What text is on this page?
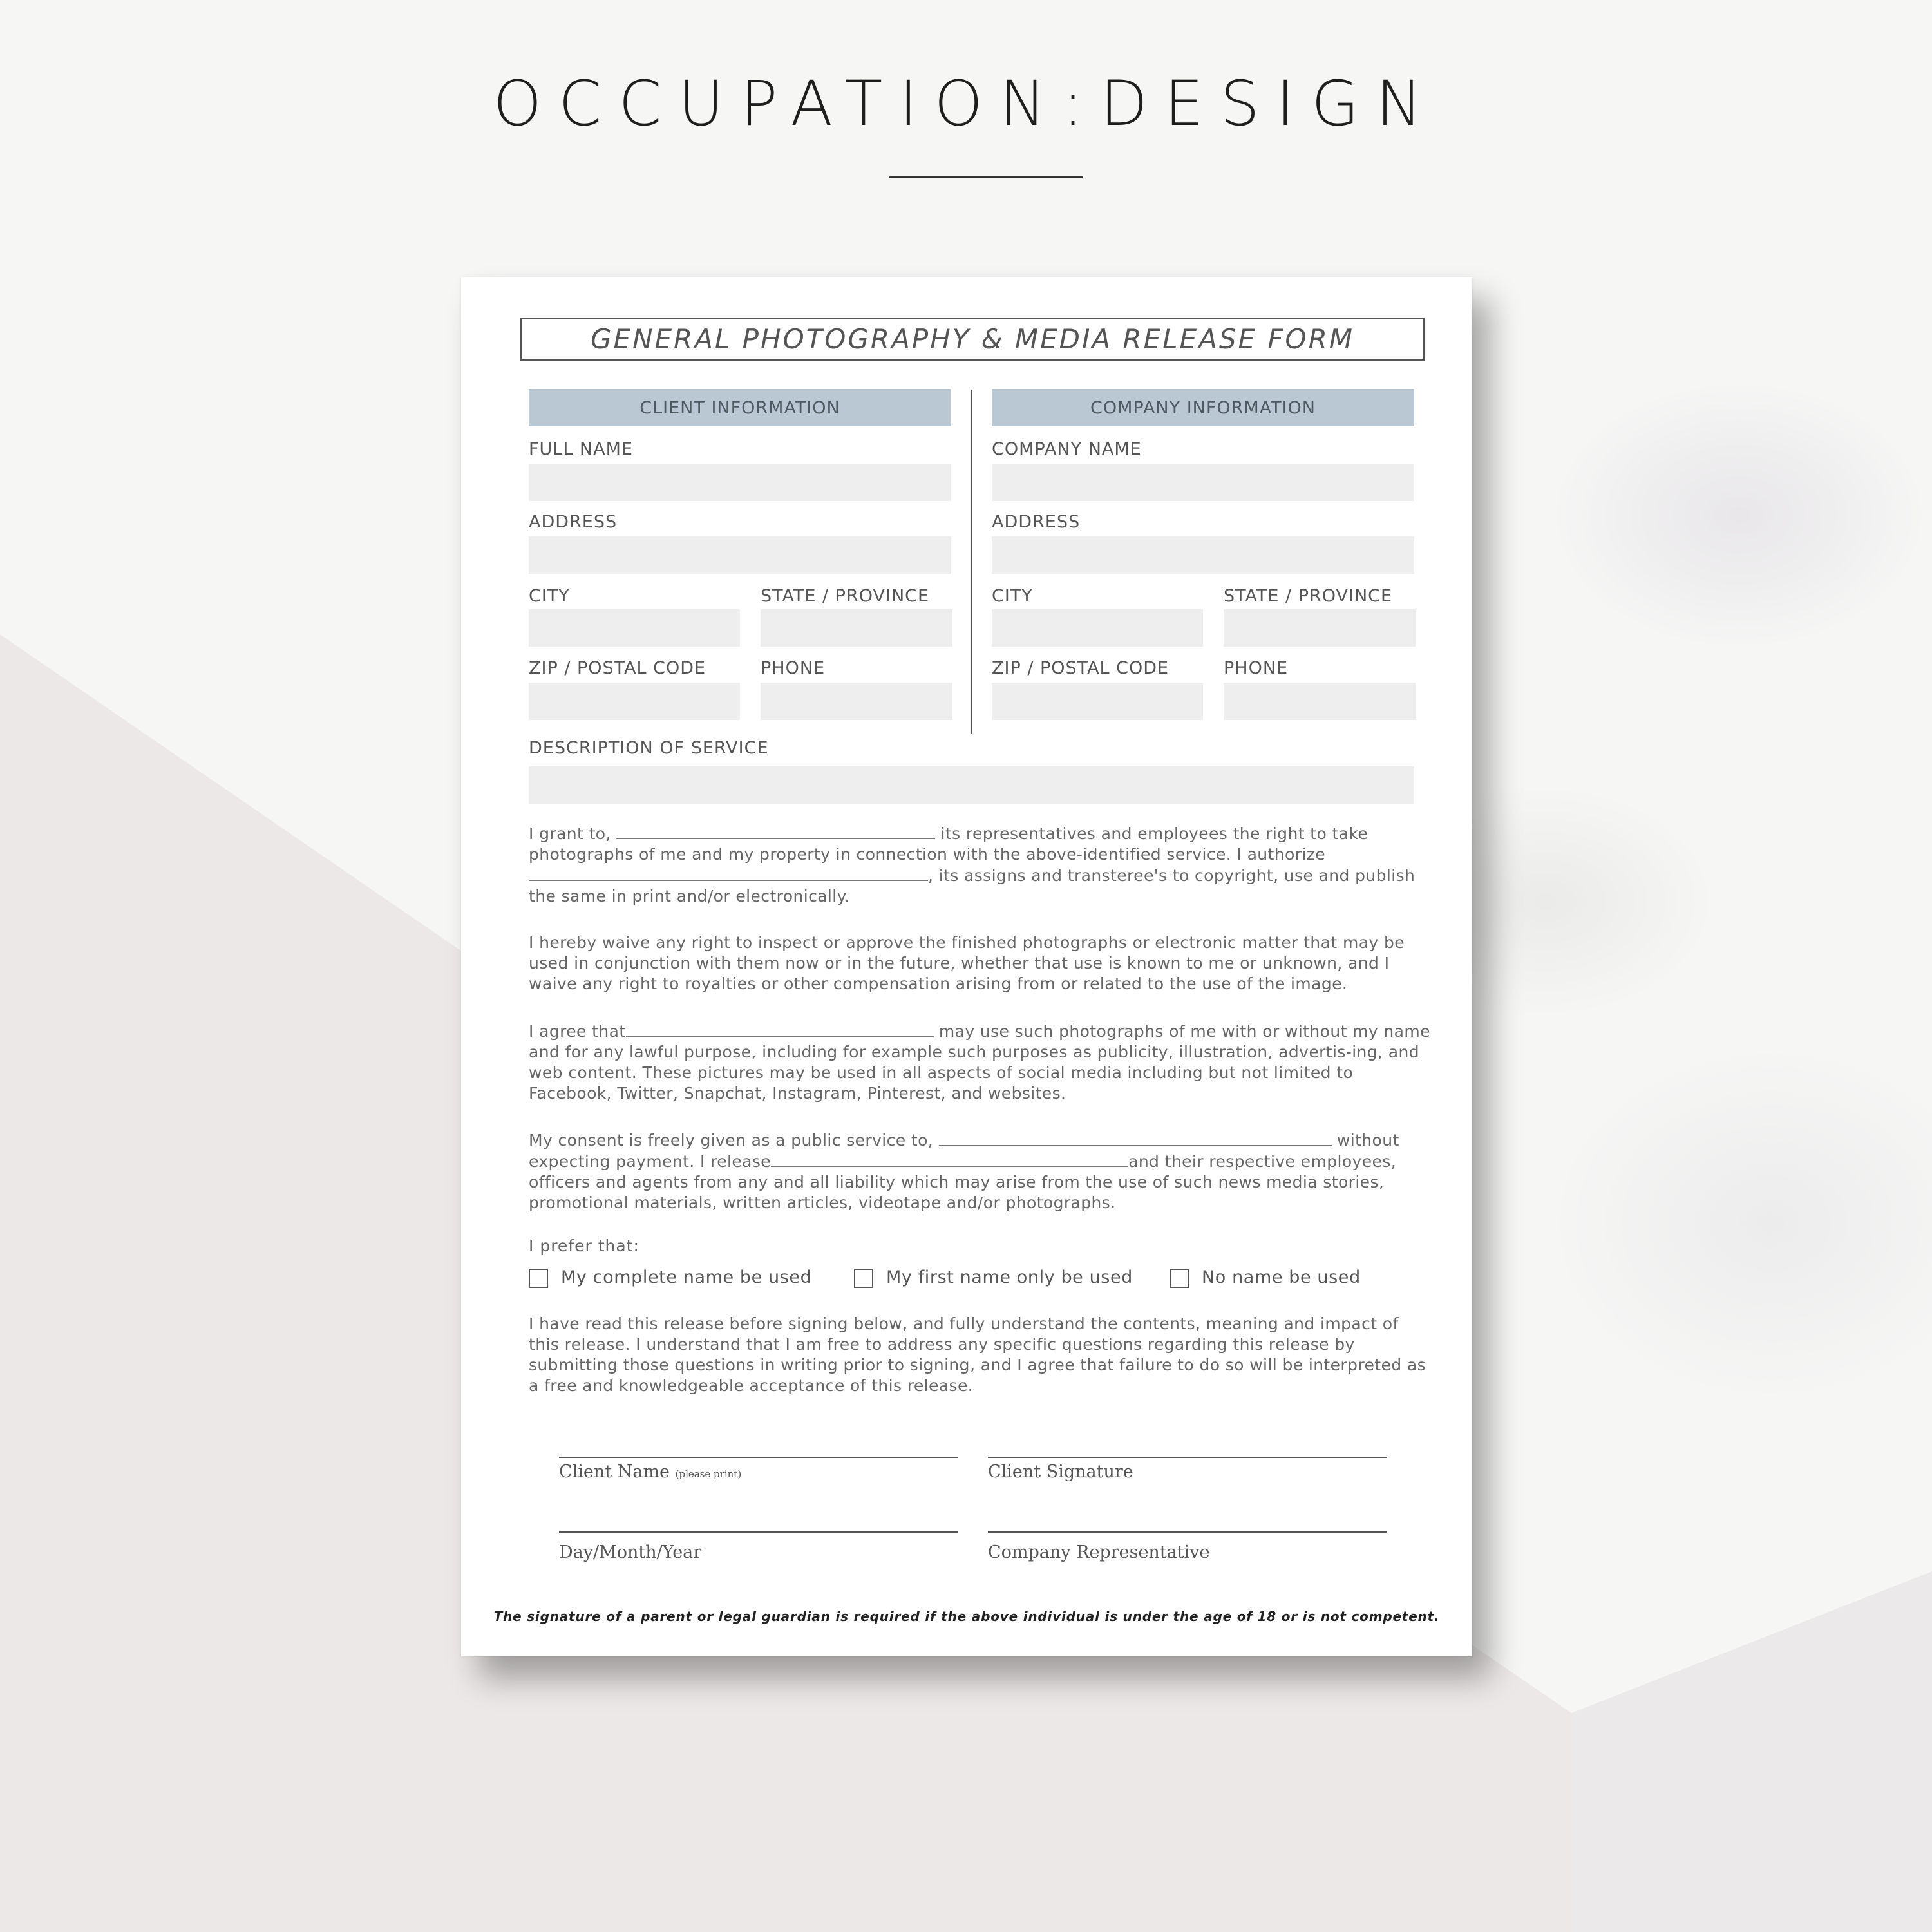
OCCUPATION:DESIGN
GENERAL PHOTOGRAPHY & MEDIA RELEASE FORM
CLIENT INFORMATION
FULL NAME
ADDRESS
CITY	STATE / PROVINCE
ZIP / POSTAL CODE	PHONE
COMPANY INFORMATION
COMPANY NAME
ADDRESS
CITY	STATE / PROVINCE
ZIP / POSTAL CODE	PHONE
DESCRIPTION OF SERVICE

I grant to,	its representatives and employees the right to take photographs of me and my property in connection with the above-identified service. I authorize , its assigns and transteree's to copyright, use and publish the same in print and/or electronically.

I hereby waive any right to inspect or approve the finished photographs or electronic matter that may be used in conjunction with them now or in the future, whether that use is known to me or unknown, and I waive any right to royalties or other compensation arising from or related to the use of the image.

I agree that	may use such photographs of me with or without my name and for any lawful purpose, including for example such purposes as publicity, illustration, advertis-ing, and web content. These pictures may be used in all aspects of social media including but not limited to Facebook, Twitter, Snapchat, Instagram, Pinterest, and websites.

My consent is freely given as a public service to,	without expecting payment. I release	and their respective employees, officers and agents from any and all liability which may arise from the use of such news media stories, promotional materials, written articles, videotape and/or photographs.

I prefer that:
My complete name be used	My first name only be used	No name be used

I have read this release before signing below, and fully understand the contents, meaning and impact of this release. I understand that I am free to address any specific questions regarding this release by submitting those questions in writing prior to signing, and I agree that failure to do so will be interpreted as a free and knowledgeable acceptance of this release.

Client Name (please print)	Client Signature
Day/Month/Year	Company Representative
The signature of a parent or legal guardian is required if the above individual is under the age of 18 or is not competent.
